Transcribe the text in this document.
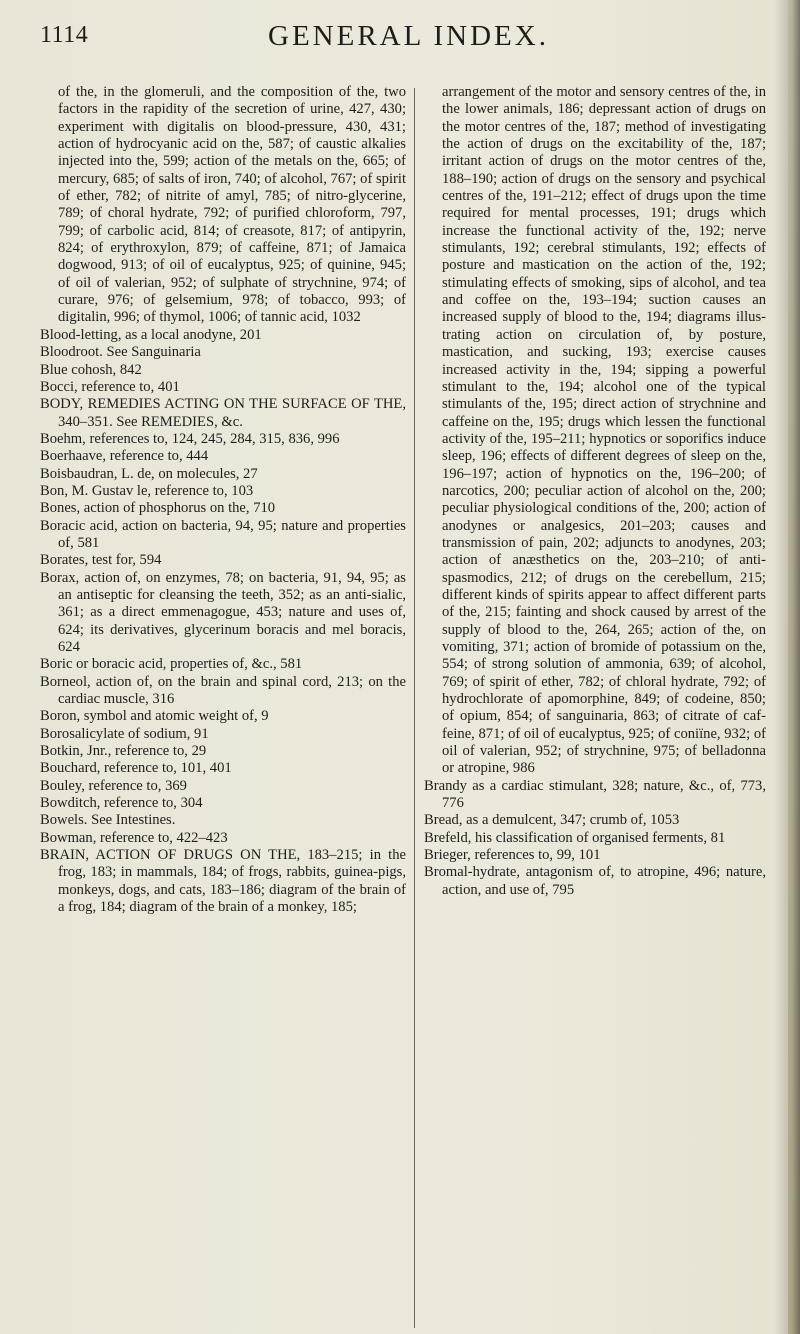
1114	GENERAL INDEX.

of the, in the glomeruli, and the composition of the, two factors in the rapidity of the secretion of urine, 427, 430; experiment with digitalis on blood-pressure, 430, 431; action of hydrocyanic acid on the, 587; of caustic alkalies injected into the, 599; action of the metals on the, 665; of mercury, 685; of salts of iron, 740; of alcohol, 767; of spirit of ether, 782; of nitrite of amyl, 785; of nitro-glycerine, 789; of choral hydrate, 792; of purified chloroform, 797, 799; of carbolic acid, 814; of creasote, 817; of antipyrin, 824; of erythroxylon, 879; of caffeine, 871; of Jamaica dogwood, 913; of oil of eucalyptus, 925; of quinine, 945; of oil of valerian, 952; of sulphate of strychnine, 974; of curare, 976; of gelsemium, 978; of tobacco, 993; of digitalin, 996; of thymol, 1006; of tannic acid, 1032

Blood-letting, as a local anodyne, 201

Bloodroot. See Sanguinaria

Blue cohosh, 842

Bocci, reference to, 401

BODY, REMEDIES ACTING ON THE SURFACE OF THE, 340–351. See REMEDIES, &c.

Boehm, references to, 124, 245, 284, 315, 836, 996

Boerhaave, reference to, 444

Boisbaudran, L. de, on molecules, 27

Bon, M. Gustav le, reference to, 103

Bones, action of phosphorus on the, 710

Boracic acid, action on bacteria, 94, 95; nature and properties of, 581

Borates, test for, 594

Borax, action of, on enzymes, 78; on bacteria, 91, 94, 95; as an antiseptic for cleansing the teeth, 352; as an anti-sialic, 361; as a direct emmenagogue, 453; nature and uses of, 624; its derivatives, glycerinum boracis and mel boracis, 624

Boric or boracic acid, properties of, &c., 581

Borneol, action of, on the brain and spinal cord, 213; on the cardiac muscle, 316

Boron, symbol and atomic weight of, 9

Borosalicylate of sodium, 91

Botkin, Jnr., reference to, 29

Bouchard, reference to, 101, 401

Bouley, reference to, 369

Bowditch, reference to, 304

Bowels. See Intestines.

Bowman, reference to, 422–423

BRAIN, ACTION OF DRUGS ON THE, 183–215; in the frog, 183; in mammals, 184; of frogs, rabbits, guinea-pigs, monkeys, dogs, and cats, 183–186; diagram of the brain of a frog, 184; diagram of the brain of a monkey, 185;

arrangement of the motor and sensory centres of the, in the lower animals, 186; depressant action of drugs on the motor centres of the, 187; method of investigating the action of drugs on the excitability of the, 187; irritant action of drugs on the motor centres of the, 188–190; action of drugs on the sensory and psychical centres of the, 191–212; effect of drugs upon the time required for mental processes, 191; drugs which increase the functional activity of the, 192; nerve stimulants, 192; cerebral stimulants, 192; effects of posture and mastication on the action of the, 192; stimulating effects of smoking, sips of alcohol, and tea and coffee on the, 193–194; suction causes an increased supply of blood to the, 194; diagrams illustrating action on circulation of, by posture, mastication, and sucking, 193; exercise causes increased activity in the, 194; sipping a powerful stimulant to the, 194; alcohol one of the typical stimulants of the, 195; direct action of strychnine and caffeine on the, 195; drugs which lessen the functional activity of the, 195–211; hypnotics or soporifics induce sleep, 196; effects of different degrees of sleep on the, 196–197; action of hypnotics on the, 196–200; of narcotics, 200; peculiar action of alcohol on the, 200; peculiar physiological conditions of the, 200; action of anodynes or analgesics, 201–203; causes and transmission of pain, 202; adjuncts to anodynes, 203; action of anæsthetics on the, 203–210; of antispasmodics, 212; of drugs on the cerebellum, 215; different kinds of spirits appear to affect different parts of the, 215; fainting and shock caused by arrest of the supply of blood to the, 264, 265; action of the, on vomiting, 371; action of bromide of potassium on the, 554; of strong solution of ammonia, 639; of alcohol, 769; of spirit of ether, 782; of chloral hydrate, 792; of hydrochlorate of apomorphine, 849; of codeine, 850; of opium, 854; of sanguinaria, 863; of citrate of caffeine, 871; of oil of eucalyptus, 925; of coniïne, 932; of oil of valerian, 952; of strychnine, 975; of belladonna or atropine, 986

Brandy as a cardiac stimulant, 328; nature, &c., of, 773, 776

Bread, as a demulcent, 347; crumb of, 1053

Brefeld, his classification of organised ferments, 81

Brieger, references to, 99, 101

Bromal-hydrate, antagonism of, to atropine, 496; nature, action, and use of, 795
